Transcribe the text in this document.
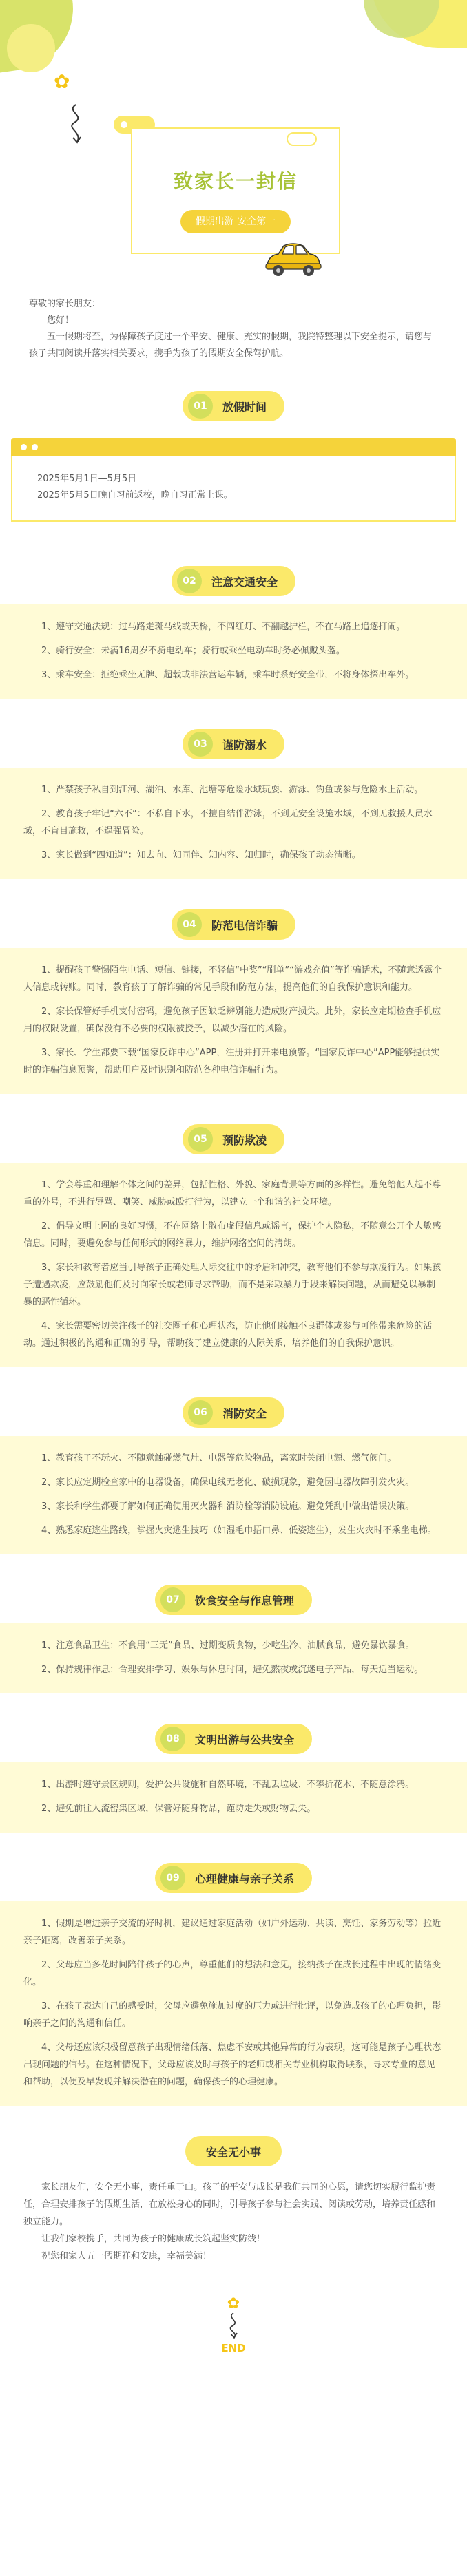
✿
致家长一封信
假期出游 安全第一

尊敬的家长朋友：

您好！

五一假期将至，为保障孩子度过一个平安、健康、充实的假期，我院特整理以下安全提示，请您与孩子共同阅读并落实相关要求，携手为孩子的假期安全保驾护航。

01	放假时间
2025年5月1日—5月5日
2025年5月5日晚自习前返校，晚自习正常上课。
02	注意交通安全

1、遵守交通法规：过马路走斑马线或天桥，不闯红灯、不翻越护栏，不在马路上追逐打闹。

2、骑行安全：未满16周岁不骑电动车；骑行或乘坐电动车时务必佩戴头盔。

3、乘车安全：拒绝乘坐无牌、超载或非法营运车辆，乘车时系好安全带，不将身体探出车外。

03	谨防溺水

1、严禁孩子私自到江河、湖泊、水库、池塘等危险水域玩耍、游泳、钓鱼或参与危险水上活动。

2、教育孩子牢记“六不”：不私自下水，不擅自结伴游泳，不到无安全设施水域，不到无救援人员水域，不盲目施救，不逞强冒险。

3、家长做到“四知道”：知去向、知同伴、知内容、知归时，确保孩子动态清晰。

04	防范电信诈骗

1、提醒孩子警惕陌生电话、短信、链接，不轻信“中奖”“刷单”“游戏充值”等诈骗话术，不随意透露个人信息或转账。同时，教育孩子了解诈骗的常见手段和防范方法，提高他们的自我保护意识和能力。

2、家长保管好手机支付密码，避免孩子因缺乏辨别能力造成财产损失。此外，家长应定期检查手机应用的权限设置，确保没有不必要的权限被授予，以减少潜在的风险。

3、家长、学生都要下载“国家反诈中心”APP，注册并打开来电预警。“国家反诈中心”APP能够提供实时的诈骗信息预警，帮助用户及时识别和防范各种电信诈骗行为。

05	预防欺凌

1、学会尊重和理解个体之间的差异，包括性格、外貌、家庭背景等方面的多样性。避免给他人起不尊重的外号，不进行辱骂、嘲笑、威胁或殴打行为，以建立一个和谐的社交环境。

2、倡导文明上网的良好习惯，不在网络上散布虚假信息或谣言，保护个人隐私，不随意公开个人敏感信息。同时，要避免参与任何形式的网络暴力，维护网络空间的清朗。

3、家长和教育者应当引导孩子正确处理人际交往中的矛盾和冲突，教育他们不参与欺凌行为。如果孩子遭遇欺凌，应鼓励他们及时向家长或老师寻求帮助，而不是采取暴力手段来解决问题，从而避免以暴制暴的恶性循环。

4、家长需要密切关注孩子的社交圈子和心理状态，防止他们接触不良群体或参与可能带来危险的活动。通过积极的沟通和正确的引导，帮助孩子建立健康的人际关系，培养他们的自我保护意识。

06	消防安全

1、教育孩子不玩火、不随意触碰燃气灶、电器等危险物品，离家时关闭电源、燃气阀门。

2、家长应定期检查家中的电器设备，确保电线无老化、破损现象，避免因电器故障引发火灾。

3、家长和学生都要了解如何正确使用灭火器和消防栓等消防设施。避免凭乱中做出错误决策。

4、熟悉家庭逃生路线，掌握火灾逃生技巧（如湿毛巾捂口鼻、低姿逃生），发生火灾时不乘坐电梯。

07	饮食安全与作息管理

1、注意食品卫生：不食用“三无”食品、过期变质食物，少吃生冷、油腻食品，避免暴饮暴食。

2、保持规律作息：合理安排学习、娱乐与休息时间，避免熬夜或沉迷电子产品，每天适当运动。

08	文明出游与公共安全

1、出游时遵守景区规则，爱护公共设施和自然环境，不乱丢垃圾、不攀折花木、不随意涂鸦。

2、避免前往人流密集区域，保管好随身物品，谨防走失或财物丢失。

09	心理健康与亲子关系

1、假期是增进亲子交流的好时机，建议通过家庭活动（如户外运动、共读、烹饪、家务劳动等）拉近亲子距离，改善亲子关系。

2、父母应当多花时间陪伴孩子的心声，尊重他们的想法和意见，接纳孩子在成长过程中出现的情绪变化。

3、在孩子表达自己的感受时，父母应避免施加过度的压力或进行批评，以免造成孩子的心理负担，影响亲子之间的沟通和信任。

4、父母还应该积极留意孩子出现情绪低落、焦虑不安或其他异常的行为表现，这可能是孩子心理状态出现问题的信号。在这种情况下，父母应该及时与孩子的老师或相关专业机构取得联系，寻求专业的意见和帮助，以便及早发现并解决潜在的问题，确保孩子的心理健康。

安全无小事

家长朋友们，安全无小事，责任重于山。孩子的平安与成长是我们共同的心愿，请您切实履行监护责任，合理安排孩子的假期生活，在放松身心的同时，引导孩子参与社会实践、阅读或劳动，培养责任感和独立能力。

让我们家校携手，共同为孩子的健康成长筑起坚实防线！

祝您和家人五一假期祥和安康，幸福美满！

✿
END
